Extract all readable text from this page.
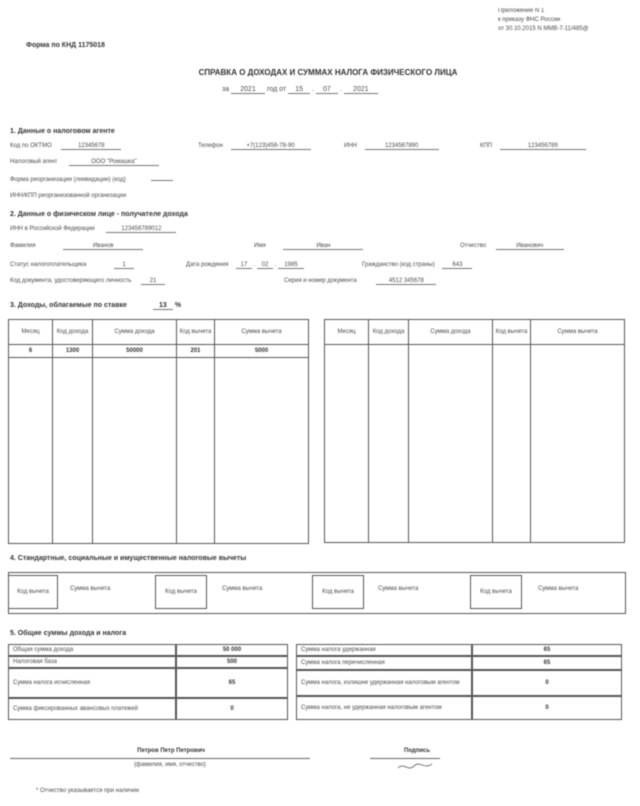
Приложение N 1
к приказу ФНС России
от 30.10.2015 N ММВ-7-11/485@
Форма по КНД 1175018
СПРАВКА О ДОХОДАХ И СУММАХ НАЛОГА ФИЗИЧЕСКОГО ЛИЦА
за 2021 год от 15 . 07 . 2021
1. Данные о налоговом агенте
Код по ОКТМО	12345678	Телефон	+7(123)456-78-90	ИНН	1234567890	КПП	123456789
Налоговый агент	ООО "Ромашка"
Форма реорганизации (ликвидации) (код)
ИНН/КПП реорганизованной организации
2. Данные о физическом лице - получателе дохода
ИНН в Российской Федерации	123456789012
Фамилия	Иванов	Имя	Иван	Отчество	Иванович
Статус налогоплательщика	1	Дата рождения 17 . 02 . 1985	Гражданство (код страны)	643
Код документа, удостоверяющего личность	21	Серия и номер документа	4512 345678
3. Доходы, облагаемые по ставке	13 %
Месяц	Код дохода	Сумма дохода	Код вычета	Сумма вычета
6	1300	50000	201	5000

Месяц	Код дохода	Сумма дохода	Код вычета	Сумма вычета

4. Стандартные, социальные и имущественные налоговые вычеты
Код вычета	Сумма вычета	Код вычета	Сумма вычета	Код вычета	Сумма вычета	Код вычета	Сумма вычета
5. Общие суммы дохода и налога
Общая сумма дохода	50 000
Налоговая база	500
Сумма налога исчисленная	65
Сумма фиксированных авансовых платежей	0
Сумма налога удержанная	65
Сумма налога перечисленная	65
Сумма налога, излишне удержанная налоговым агентом	0
Сумма налога, не удержанная налоговым агентом	0
Петров Петр Петрович
(фамилия, имя, отчество)
Подпись
* Отчество указывается при наличии
